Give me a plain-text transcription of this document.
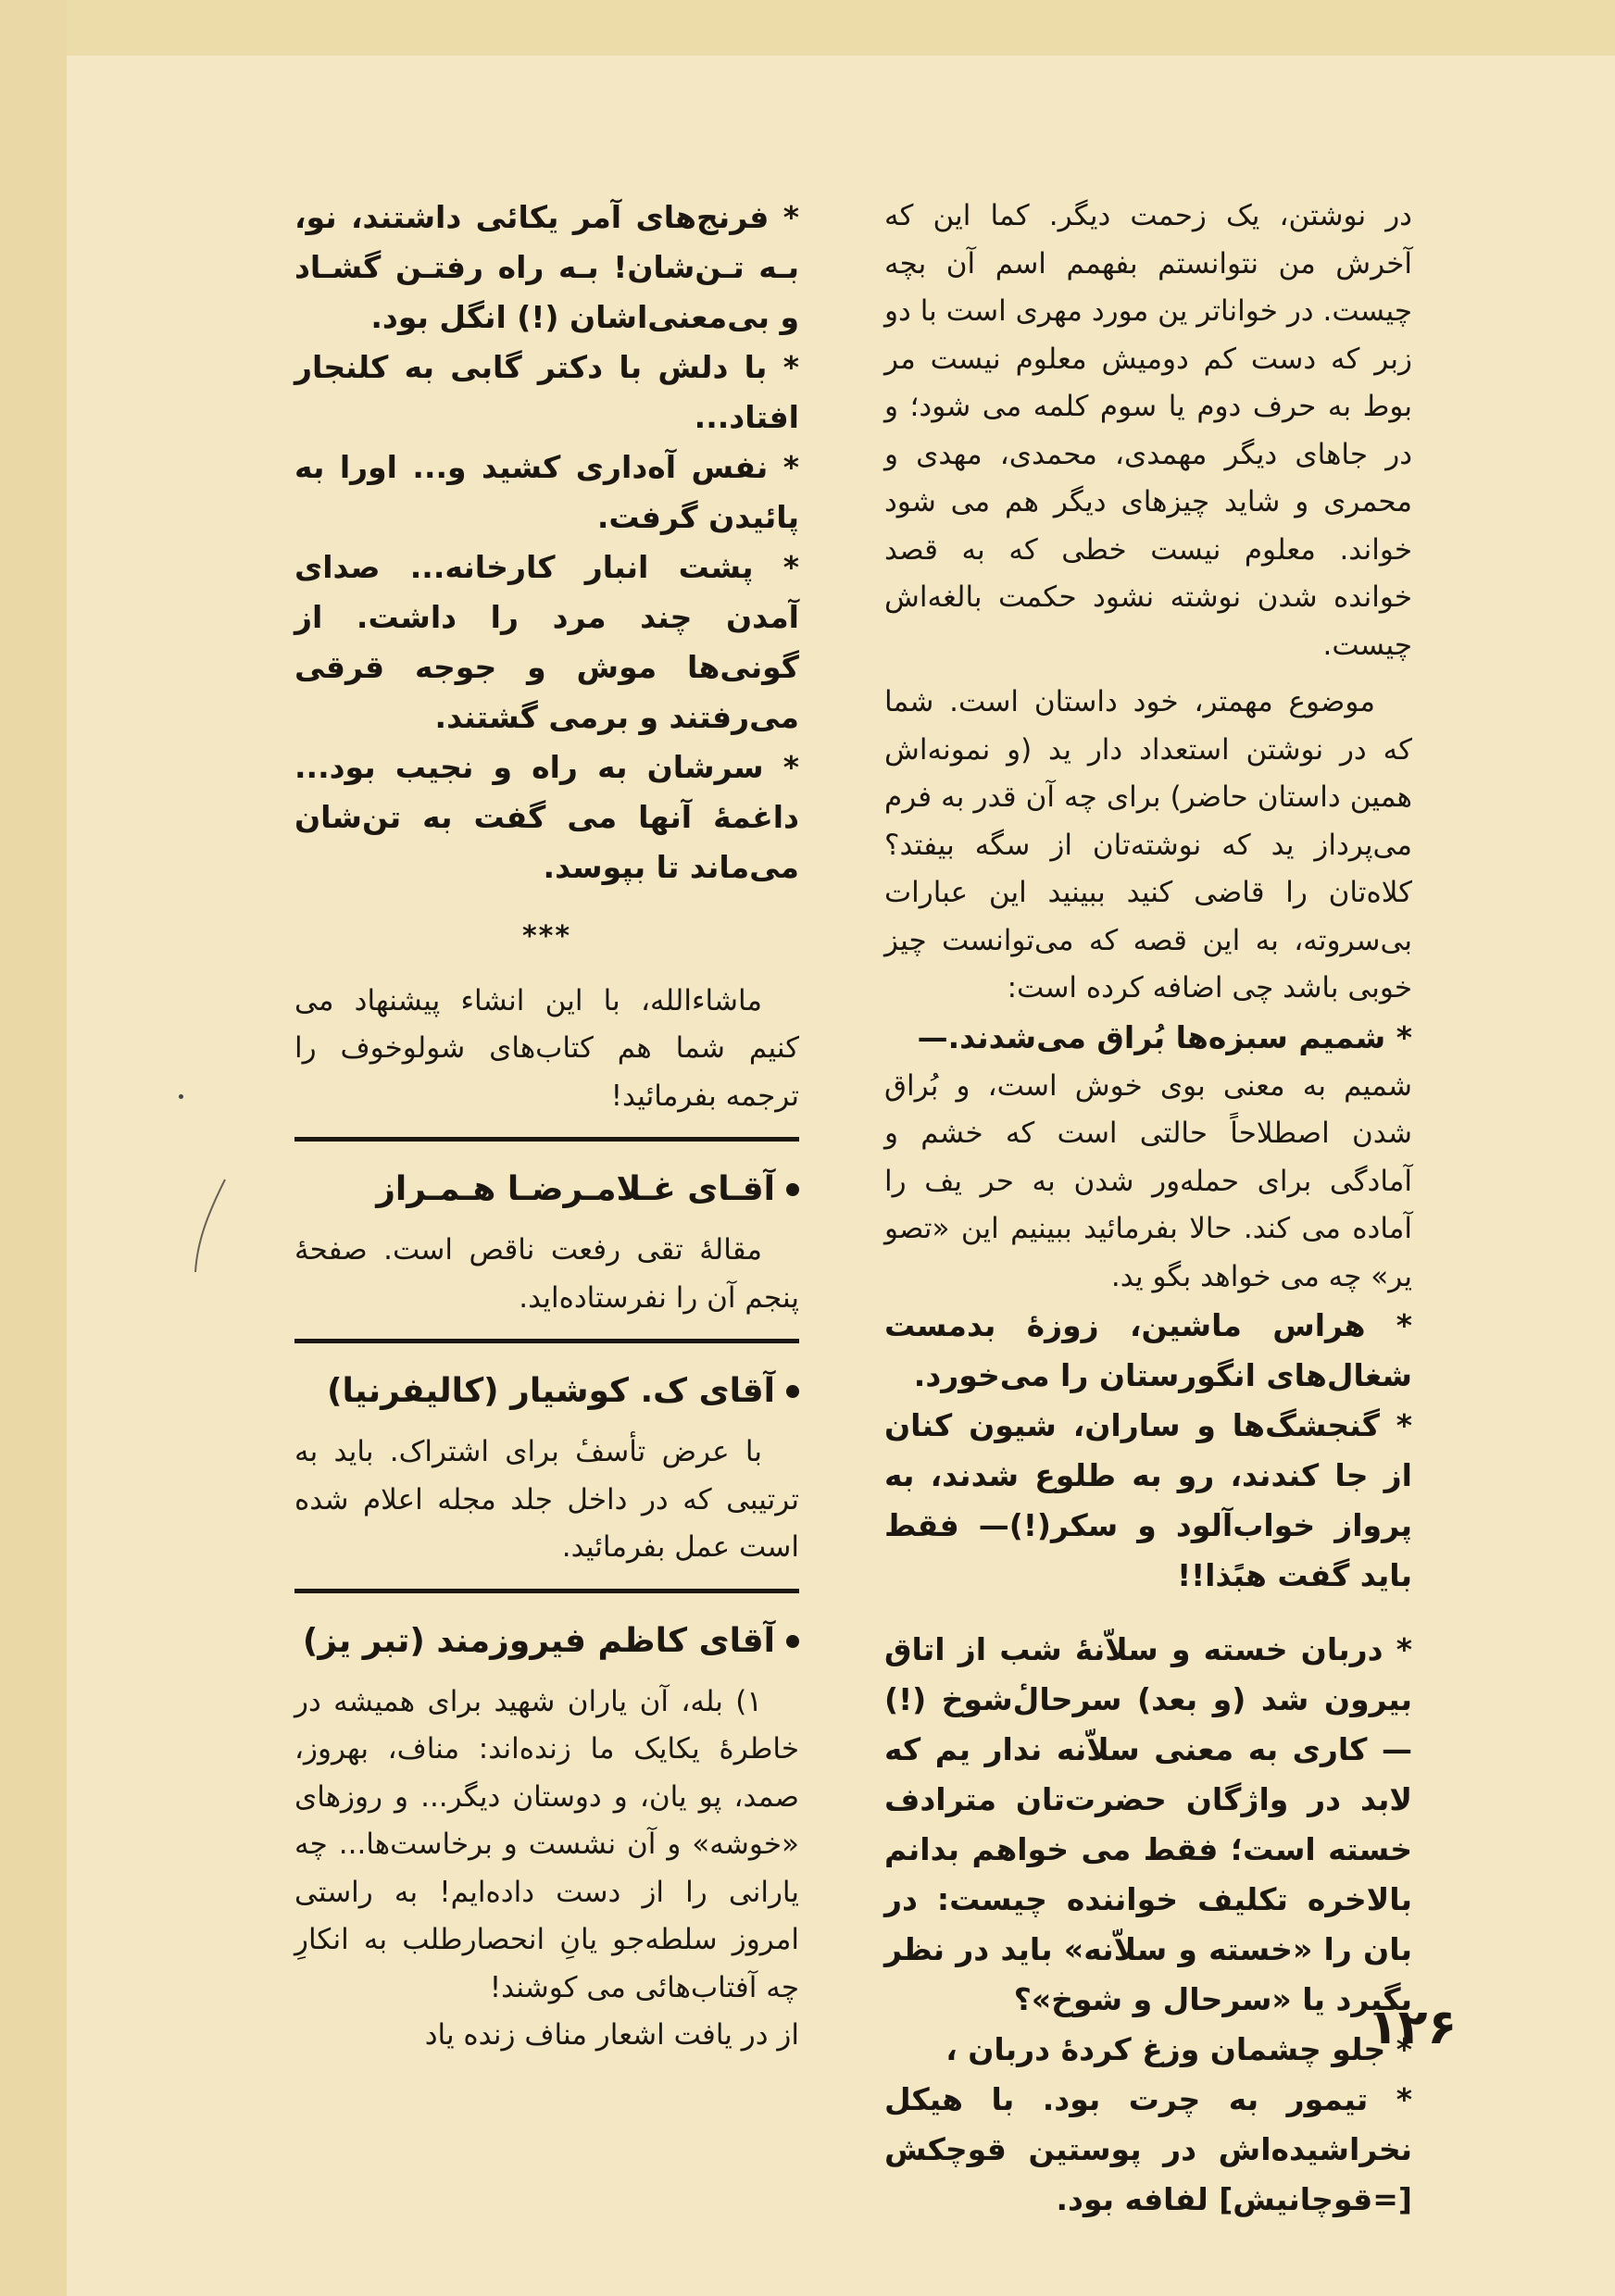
در نوشتن، یک زحمت دیگر. کما این که آخرش من نتوانستم بفهمم اسم آن بچه چیست. در خواناتر ین مورد مهری است با دو زبر که دست کم دومیش معلوم نیست مر بوط به حرف دوم یا سوم کلمه می شود؛ و در جاهای دیگر مهمدی، محمدی، مهدی و محمری و شاید چیزهای دیگر هم می شود خواند. معلوم نیست خطی که به قصد خوانده شدن نوشته نشود حکمت بالغه‌اش چیست.

موضوع مهمتر، خود داستان است. شما که در نوشتن استعداد دار ید (و نمونه‌اش همین داستان حاضر) برای چه آن قدر به فرم می‌پرداز ید که نوشته‌تان از سگه بیفتد؟ کلاه‌تان را قاضی کنید ببینید این عبارات بی‌سروته، به این قصه که می‌توانست چیز خوبی باشد چی اضافه کرده است:

* شمیم سبزه‌ها بُراق می‌شدند.—

شمیم به معنی بوی خوش است، و بُراق شدن اصطلاحاً حالتی است که خشم و آمادگی برای حمله‌ور شدن به حر یف را آماده می کند. حالا بفرمائید ببینیم این «تصو یر» چه می خواهد بگو ید.

* هراس ماشین، زوزهٔ بدمست شغال‌های انگورستان را می‌خورد.

* گنجشگ‌ها و ساران، شیون کنان از جا کندند، رو به طلوع شدند، به پرواز خواب‌آلود و سکر(!)— فقط باید گفت هبًذا!!

* دربان خسته و سلاّنه‌ٔ شب از اتاق بیرون شد (و بعد) سرحال‌ٔشوخ (!)— کاری به معنی سلاّنه ندار یم که لابد در واژگان حضرت‌تان مترادف خسته است؛ فقط می خواهم بدانم بالاخره تکلیف خواننده چیست: در بان را «خسته و سلاّنه» باید در نظر بگیرد یا «سرحال و شوخ»؟

* جلو چشمان وزغ کردهٔ دربان ،

* تیمور به چرت بود. با هیکل نخراشیده‌اش در پوستین قوچکش [=قوچانیش] لفافه بود.

* فرنج‌های آمر یکائی داشتند، نو، بـه تـن‌شان! بـه راه رفتـن گشـاد و بی‌معنی‌اشان (!) انگل بود.

* با دلش با دکتر گابی به کلنجار افتاد...

* نفس آه‌داری کشید و... اورا به پائیدن گرفت.

* پشت انبار کارخانه... صدای آمدن چند مرد را داشت. از گونی‌ها موش و جوجه قرقی می‌رفتند و برمی گشتند.

* سرشان به راه و نجیب بود... داغمهٔ آنها می گفت به تن‌شان می‌ماند تا بپوسد.

***

ماشاءالله، با این انشاء پیشنهاد می کنیم شما هم کتاب‌های شولوخوف را ترجمه بفرمائید!

آقـای غـلامـرضـا هـمـراز

مقالهٔ تقی رفعت ناقص است. صفحهٔ پنجم آن را نفرستاده‌اید.

آقای ک. کوشیار (کالیفرنیا)

با عرض تأسفٔ برای اشتراک. باید به ترتیبی که در داخل جلد مجله اعلام شده است عمل بفرمائید.

آقای کاظم فیروزمند (تبر یز)

۱) بله، آن یاران شهید برای همیشه در خاطرهٔ یکایک ما زنده‌اند: مناف، بهروز، صمد، پو یان، و دوستان دیگر... و روزهای «خوشه» و آن نشست و برخاست‌ها... چه یارانی را از دست داده‌ایم! به راستی امروز سلطه‌جو یانِ انحصارطلب به انکارِ چه آفتاب‌هائی می کوشند!

از در یافت اشعار مناف زنده یاد	۱۲۶
